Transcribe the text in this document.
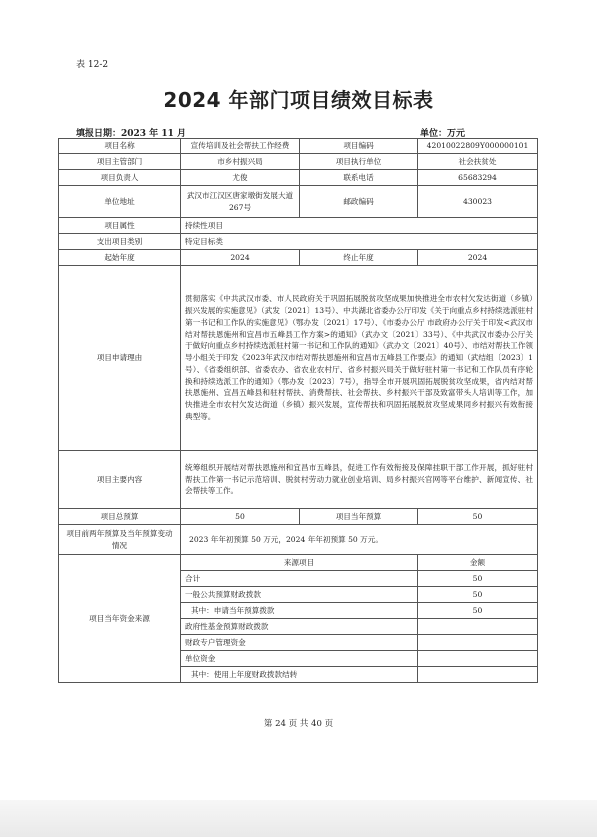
表 12-2
2024 年部门项目绩效目标表
填报日期：2023 年 11 月	单位：万元
项目名称	宣传培训及社会帮扶工作经费	项目编码	42010022809Y000000101
项目主管部门	市乡村振兴局	项目执行单位	社会扶贫处
项目负责人	尤俊	联系电话	65683294
单位地址	武汉市江汉区唐家墩街发展大道267号	邮政编码	430023
项目属性	持续性项目		
支出项目类别	特定目标类		
起始年度	2024	终止年度	2024
项目申请理由	贯彻落实《中共武汉市委、市人民政府关于巩固拓展脱贫攻坚成果加快推进全市农村欠发达街道（乡镇）振兴发展的实施意见》（武发〔2021〕13号）、中共湖北省委办公厅印发《关于向重点乡村持续选派驻村第一书记和工作队的实施意见》（鄂办发〔2021〕17号）、《市委办公厅 市政府办公厅关于印发<武汉市结对帮扶恩施州和宜昌市五峰县工作方案>的通知》（武办文〔2021〕33号）、《中共武汉市委办公厅关于做好向重点乡村持续选派驻村第一书记和工作队的通知》（武办文〔2021〕40号）、市结对帮扶工作领导小组关于印发《2023年武汉市结对帮扶恩施州和宜昌市五峰县工作要点》的通知（武结组〔2023〕1号）、《省委组织部、省委农办、省农业农村厅、省乡村振兴局关于做好驻村第一书记和工作队员有序轮换和持续选派工作的通知》（鄂办发〔2023〕7号），指导全市开展巩固拓展脱贫攻坚成果，省内结对帮扶恩施州、宜昌五峰县和驻村帮扶、消费帮扶、社会帮扶、乡村振兴干部及致富带头人培训等工作，加快推进全市农村欠发达街道（乡镇）振兴发展，宣传帮扶和巩固拓展脱贫攻坚成果同乡村振兴有效衔接典型等。		
项目主要内容	统筹组织开展结对帮扶恩施州和宜昌市五峰县，促进工作有效衔接及保障挂职干部工作开展，抓好驻村帮扶工作第一书记示范培训、脱贫村劳动力就业创业培训、局乡村振兴官网等平台维护、新闻宣传、社会帮扶等工作。		
项目总预算	50	项目当年预算	50
项目前两年预算及当年预算变动情况	2023 年年初预算 50 万元，2024 年年初预算 50 万元。		
项目当年资金来源	来源项目		金额
	合计		50
	一般公共预算财政拨款		50
	其中：申请当年预算拨款		50
	政府性基金预算财政拨款		
	财政专户管理资金		
	单位资金		
	其中：使用上年度财政拨款结转		
第 24 页 共 40 页
